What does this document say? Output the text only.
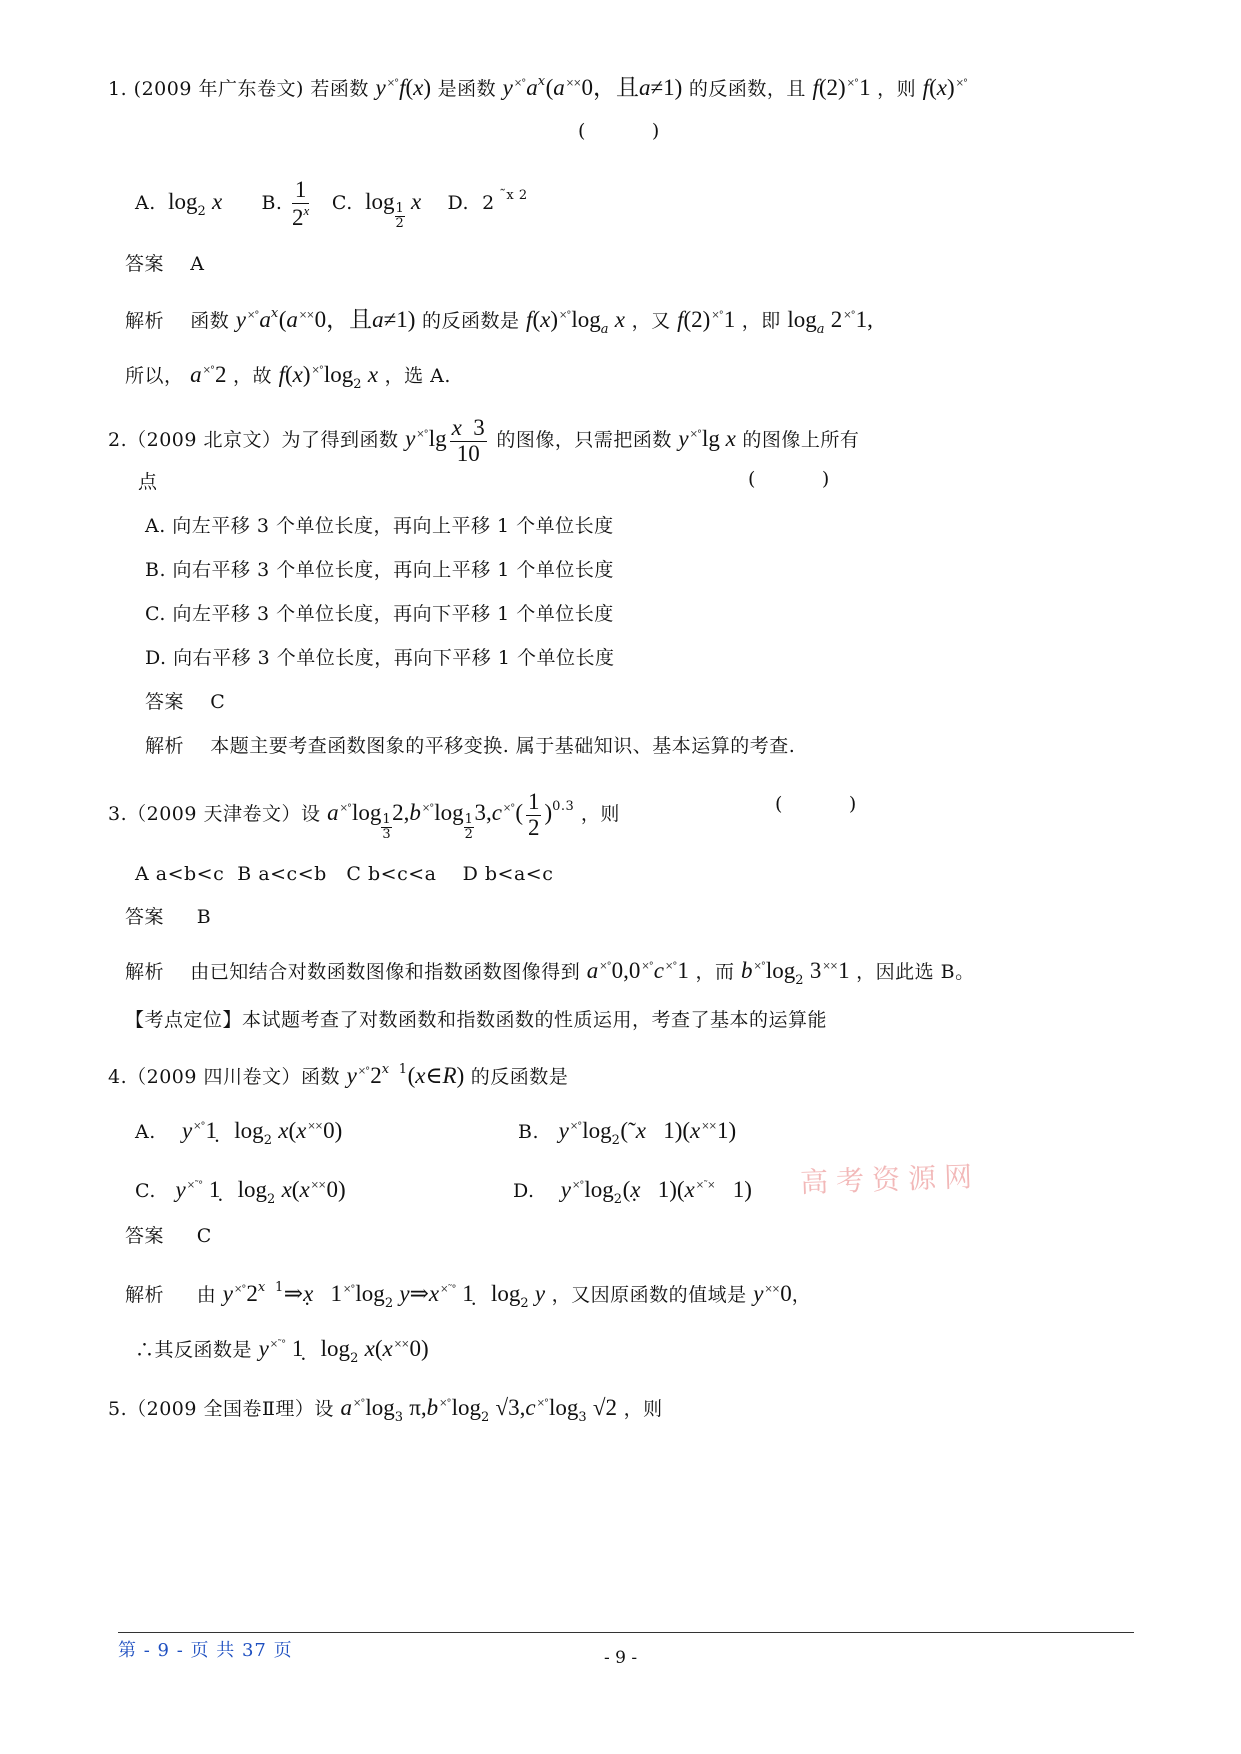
1. (2009 年广东卷文) 若函数 y×°f(x) 是函数 $y^{\times^\circ}a^x(a^{\times\times}0$，且a≠1) 的反函数，且 f(2)×°1 ，则 f(x)×°
(           )
A.  $\log_2 x$ B. $\frac{1}{2^x} C$.  log
$\frac{1}{2}$
x D.  2 $^{˜x 2}$
答案 A
解析 函数 $y^{\times^\circ}a^x(a^{\times\times}0$，且a≠1) 的反函数是 $f(x)^{\times^\circ}\log_a$ x ，又 f(2)×°1 ，即 $\log_a 2^{\times^\circ}1$,
所以， a×°2 ，故 $f(x)^{\times^\circ}\log_2$ x ，选 A.
2.（2009 北京文）为了得到函数 $y^{\times^\circ}\lg \frac{x 3}{10}$ 的图像，只需把函数 y×°lg x 的图像上所有
点	(           )
A. 向左平移 3 个单位长度，再向上平移 1 个单位长度
B. 向右平移 3 个单位长度，再向上平移 1 个单位长度
C. 向左平移 3 个单位长度，再向下平移 1 个单位长度
D. 向右平移 3 个单位长度，再向下平移 1 个单位长度
答案 C
解析 本题主要考查函数图象的平移变换. 属于基础知识、基本运算的考查.
3.（2009 天津卷文）设 a×°log
$\frac{1}{3}$
2,b×°log
$\frac{1}{2}$
$3,c^{\times^\circ}( \frac{1}{2} )^{0.3}$ ，则	(           )
A a<b<c  B a<c<b   C b<c<a    D b<a<c
答案 B
解析 由已知结合对数函数图像和指数函数图像得到 a×°0,0×°c×°1 ，而 $b^{\times^\circ}\log_2$ 3××1 ，因此选 B。
【考点定位】本试题考查了对数函数和指数函数的性质运用，考查了基本的运算能
高考资源网
4.（2009 四川卷文）函数 $y^{\times^\circ}2^{x 1}(x\in R)$ 的反函数是
A. y×°1̣   $\log_2 x(x^{\times\times}0)$	B. $y^{\times^\circ}\log_2(˜x$   1)(x××1)
C. y×˜° 1̣   $\log_2 x(x^{\times\times}0)$	D. $y^{\times^\circ}\log_2(x̣$   1)(x×˜×   1)
答案 C
解析 由 $y^{\times^\circ}2^{x 1}\Rightarrow x̣$   $1^{\times^\circ}\log_2$ y⇒x×˜° 1̣   $\log_2 y$ ，又因原函数的值域是 y××0，
∴其反函数是 y×˜° 1̣   $\log_2 x(x^{\times\times}0)$
5.（2009 全国卷Ⅱ理）设 $a^{\times^\circ}\log_3$ $\pi,b^{\times^\circ}\log_2$ $√3,c^{\times^\circ}\log_3$ √2 ，则
第 - 9 - 页 共 37 页	- 9 -
